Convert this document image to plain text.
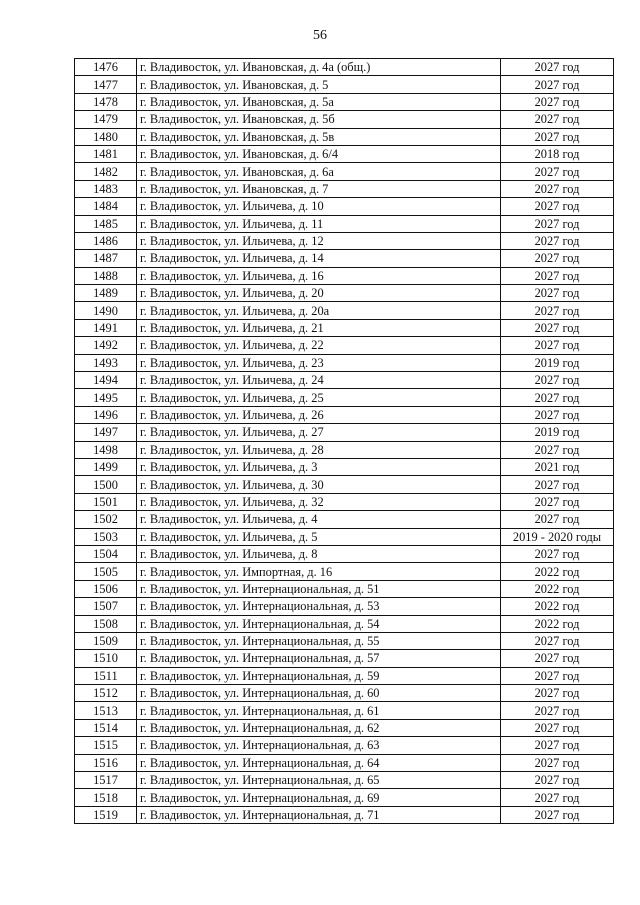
56
1476	г. Владивосток, ул. Ивановская, д. 4а (общ.)	2027 год
1477	г. Владивосток, ул. Ивановская, д. 5	2027 год
1478	г. Владивосток, ул. Ивановская, д. 5а	2027 год
1479	г. Владивосток, ул. Ивановская, д. 5б	2027 год
1480	г. Владивосток, ул. Ивановская, д. 5в	2027 год
1481	г. Владивосток, ул. Ивановская, д. 6/4	2018 год
1482	г. Владивосток, ул. Ивановская, д. 6а	2027 год
1483	г. Владивосток, ул. Ивановская, д. 7	2027 год
1484	г. Владивосток, ул. Ильичева, д. 10	2027 год
1485	г. Владивосток, ул. Ильичева, д. 11	2027 год
1486	г. Владивосток, ул. Ильичева, д. 12	2027 год
1487	г. Владивосток, ул. Ильичева, д. 14	2027 год
1488	г. Владивосток, ул. Ильичева, д. 16	2027 год
1489	г. Владивосток, ул. Ильичева, д. 20	2027 год
1490	г. Владивосток, ул. Ильичева, д. 20а	2027 год
1491	г. Владивосток, ул. Ильичева, д. 21	2027 год
1492	г. Владивосток, ул. Ильичева, д. 22	2027 год
1493	г. Владивосток, ул. Ильичева, д. 23	2019 год
1494	г. Владивосток, ул. Ильичева, д. 24	2027 год
1495	г. Владивосток, ул. Ильичева, д. 25	2027 год
1496	г. Владивосток, ул. Ильичева, д. 26	2027 год
1497	г. Владивосток, ул. Ильичева, д. 27	2019 год
1498	г. Владивосток, ул. Ильичева, д. 28	2027 год
1499	г. Владивосток, ул. Ильичева, д. 3	2021 год
1500	г. Владивосток, ул. Ильичева, д. 30	2027 год
1501	г. Владивосток, ул. Ильичева, д. 32	2027 год
1502	г. Владивосток, ул. Ильичева, д. 4	2027 год
1503	г. Владивосток, ул. Ильичева, д. 5	2019 - 2020 годы
1504	г. Владивосток, ул. Ильичева, д. 8	2027 год
1505	г. Владивосток, ул. Импортная, д. 16	2022 год
1506	г. Владивосток, ул. Интернациональная, д. 51	2022 год
1507	г. Владивосток, ул. Интернациональная, д. 53	2022 год
1508	г. Владивосток, ул. Интернациональная, д. 54	2022 год
1509	г. Владивосток, ул. Интернациональная, д. 55	2027 год
1510	г. Владивосток, ул. Интернациональная, д. 57	2027 год
1511	г. Владивосток, ул. Интернациональная, д. 59	2027 год
1512	г. Владивосток, ул. Интернациональная, д. 60	2027 год
1513	г. Владивосток, ул. Интернациональная, д. 61	2027 год
1514	г. Владивосток, ул. Интернациональная, д. 62	2027 год
1515	г. Владивосток, ул. Интернациональная, д. 63	2027 год
1516	г. Владивосток, ул. Интернациональная, д. 64	2027 год
1517	г. Владивосток, ул. Интернациональная, д. 65	2027 год
1518	г. Владивосток, ул. Интернациональная, д. 69	2027 год
1519	г. Владивосток, ул. Интернациональная, д. 71	2027 год
